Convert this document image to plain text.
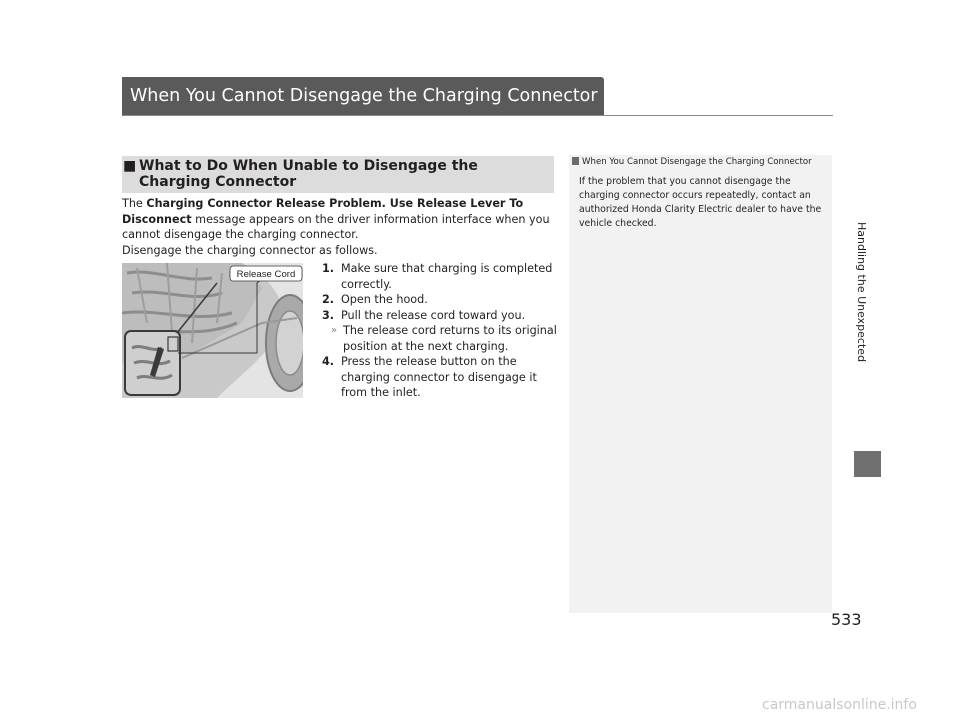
When You Cannot Disengage the Charging Connector
■ What to Do When Unable to Disengage the Charging Connector
The Charging Connector Release Problem. Use Release Lever To Disconnect message appears on the driver information interface when you cannot disengage the charging connector.
Disengage the charging connector as follows.
Release Cord 1. Make sure that charging is completed correctly.
2. Open the hood.
3. Pull the release cord toward you.
» The release cord returns to its original position at the next charging.
4. Press the release button on the charging connector to disengage it from the inlet.
When You Cannot Disengage the Charging Connector
If the problem that you cannot disengage the charging connector occurs repeatedly, contact an authorized Honda Clarity Electric dealer to have the vehicle checked.	Handling the Unexpected
533
carmanualsonline.info
